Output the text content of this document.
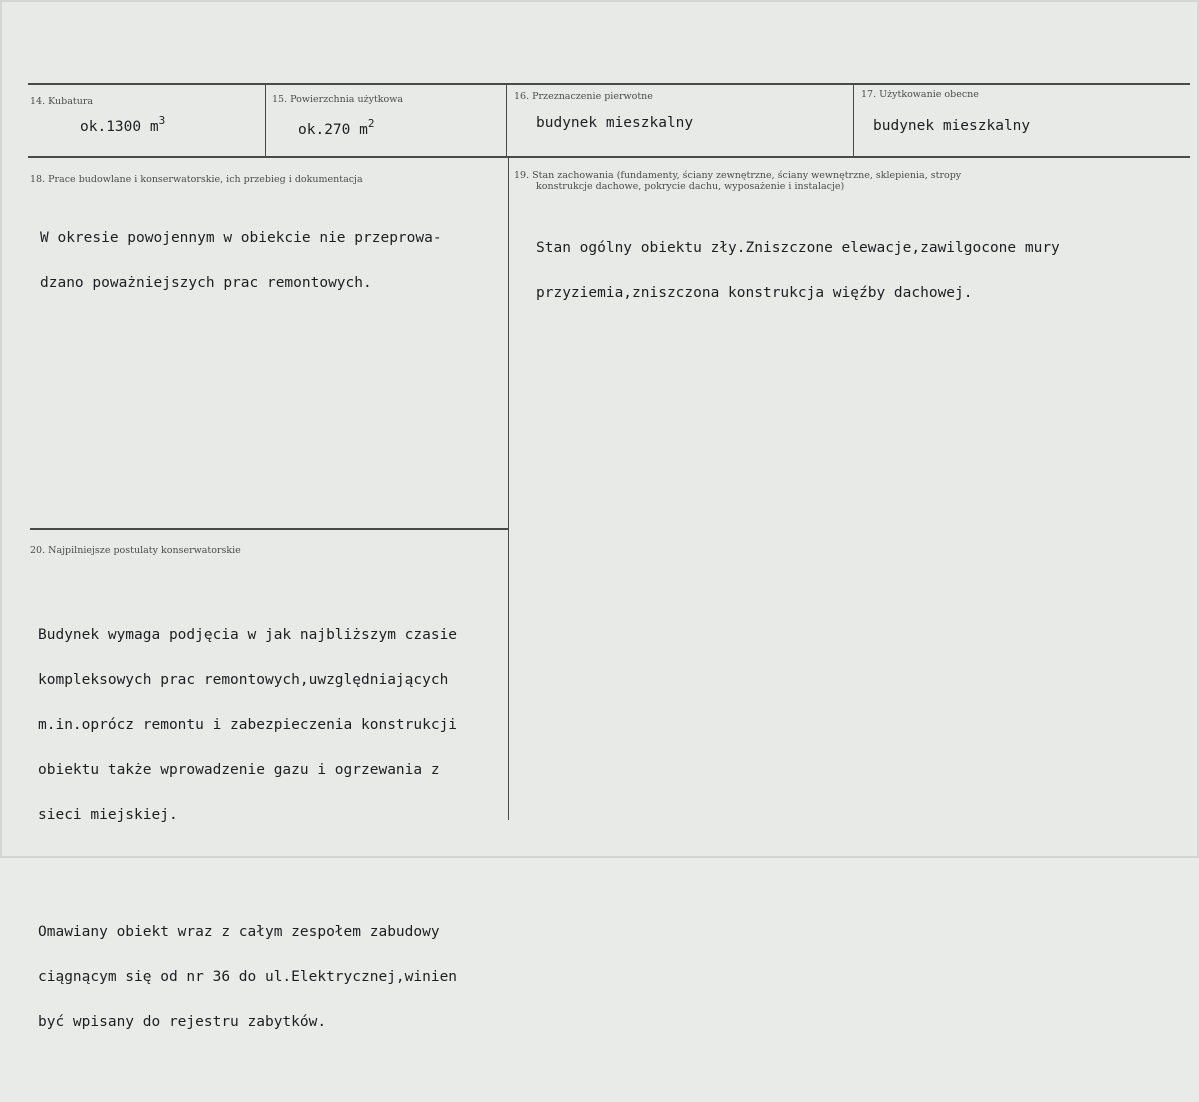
14. Kubatura
ok.1300 $m^3$
15. Powierzchnia użytkowa
ok.270 $m^2$
16. Przeznaczenie pierwotne
budynek mieszkalny
17. Użytkowanie obecne
budynek mieszkalny
18. Prace budowlane i konserwatorskie, ich przebieg i dokumentacja

W okresie powojennym w obiekcie nie przeprowa-

dzano poważniejszych prac remontowych.

19. Stan zachowania (fundamenty, ściany zewnętrzne, ściany wewnętrzne, sklepienia, stropy
konstrukcje dachowe, pokrycie dachu, wyposażenie i instalacje)

Stan ogólny obiektu zły.Zniszczone elewacje,zawilgocone mury

przyziemia,zniszczona konstrukcja więźby dachowej.

20. Najpilniejsze postulaty konserwatorskie

Budynek wymaga podjęcia w jak najbliższym czasie

kompleksowych prac remontowych,uwzględniających

m.in.oprócz remontu i zabezpieczenia konstrukcji

obiektu także wprowadzenie gazu i ogrzewania z

sieci miejskiej.

Omawiany obiekt wraz z całym zespołem zabudowy

ciągnącym się od nr 36 do ul.Elektrycznej,winien

być wpisany do rejestru zabytków.
